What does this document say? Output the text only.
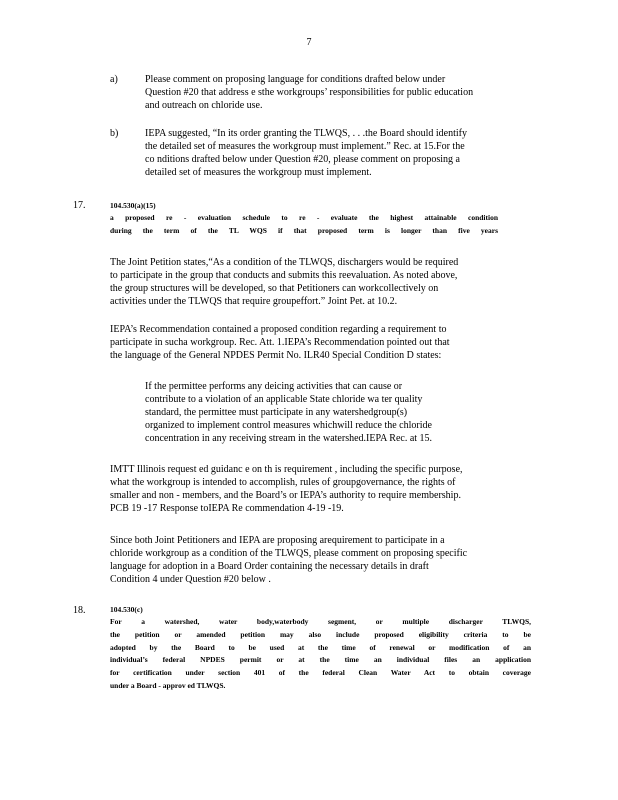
7
a)	Please comment on proposing language for conditions drafted below under
Question #20 that address e sthe workgroups’ responsibilities for public education
and outreach on chloride use.
b)	IEPA suggested, “In its order granting the TLWQS, . . .the Board should identify
the detailed set of measures the workgroup must implement.” Rec. at 15.For the
co nditions drafted below under Question #20, please comment on proposing a
detailed set of measures the workgroup must implement.
17.	104.530(a)(15)
a proposed re - evaluation schedule to re - evaluate the highest attainable condition
during the term of the TL WQS if that proposed term is longer than five years
The Joint Petition states,“As a condition of the TLWQS, dischargers would be required
to participate in the group that conducts and submits this reevaluation. As noted above,
the group structures will be developed, so that Petitioners can workcollectively on
activities under the TLWQS that require groupeffort.” Joint Pet. at 10.2.
IEPA’s Recommendation contained a proposed condition regarding a requirement to
participate in sucha workgroup. Rec. Att. 1.IEPA’s Recommendation pointed out that
the language of the General NPDES Permit No. ILR40 Special Condition D states:
If the permittee performs any deicing activities that can cause or
contribute to a violation of an applicable State chloride wa ter quality
standard, the permittee must participate in any watershedgroup(s)
organized to implement control measures whichwill reduce the chloride
concentration in any receiving stream in the watershed.IEPA Rec. at 15.
IMTT Illinois request ed guidanc e on th is requirement , including the specific purpose,
what the workgroup is intended to accomplish, rules of groupgovernance, the rights of
smaller and non - members, and the Board’s or IEPA’s authority to require membership.
PCB 19 -17 Response toIEPA Re commendation 4-19 -19.
Since both Joint Petitioners and IEPA are proposing arequirement to participate in a
chloride workgroup as a condition of the TLWQS, please comment on proposing specific
language for adoption in a Board Order containing the necessary details in draft
Condition 4 under Question #20 below .
18.	104.530(c)
For a watershed, water body,waterbody segment, or multiple discharger TLWQS,
the petition or amended petition may also include proposed eligibility criteria to be
adopted by the Board to be used at the time of renewal or modification of an
individual’s federal NPDES permit or at the time an individual files an application
for certification under section 401 of the federal Clean Water Act to obtain coverage
under a Board - approv ed TLWQS.
